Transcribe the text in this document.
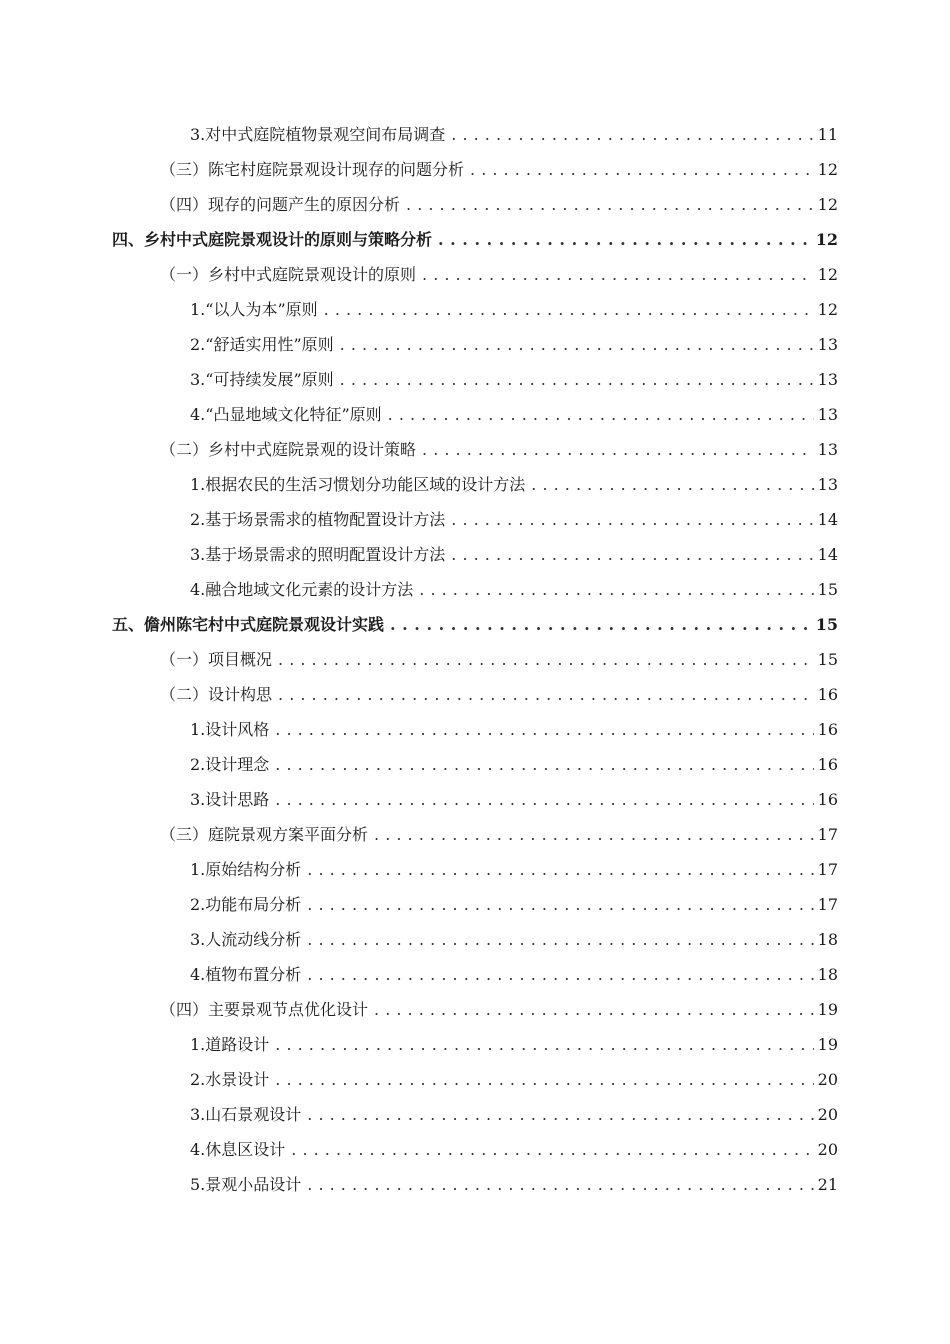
3.对中式庭院植物景观空间布局调查 . . .	11
（三）陈宅村庭院景观设计现存的问题分析 . . .	12
（四）现存的问题产生的原因分析 . . .	12
四、乡村中式庭院景观设计的原则与策略分析 . . .	12
（一）乡村中式庭院景观设计的原则 . . .	12
1.“以人为本”原则 . . .	12
2.“舒适实用性”原则 . . .	13
3.“可持续发展”原则 . . .	13
4.“凸显地域文化特征”原则 . . .	13
（二）乡村中式庭院景观的设计策略 . . .	13
1.根据农民的生活习惯划分功能区域的设计方法 . . .	13
2.基于场景需求的植物配置设计方法 . . .	14
3.基于场景需求的照明配置设计方法 . . .	14
4.融合地域文化元素的设计方法 . . .	15
五、儋州陈宅村中式庭院景观设计实践 . . .	15
（一）项目概况 . . .	15
（二）设计构思 . . .	16
1.设计风格 . . .	16
2.设计理念 . . .	16
3.设计思路 . . .	16
（三）庭院景观方案平面分析 . . .	17
1.原始结构分析 . . .	17
2.功能布局分析 . . .	17
3.人流动线分析 . . .	18
4.植物布置分析 . . .	18
（四）主要景观节点优化设计 . . .	19
1.道路设计 . . .	19
2.水景设计 . . .	20
3.山石景观设计 . . .	20
4.休息区设计 . . .	20
5.景观小品设计 . . .	21
